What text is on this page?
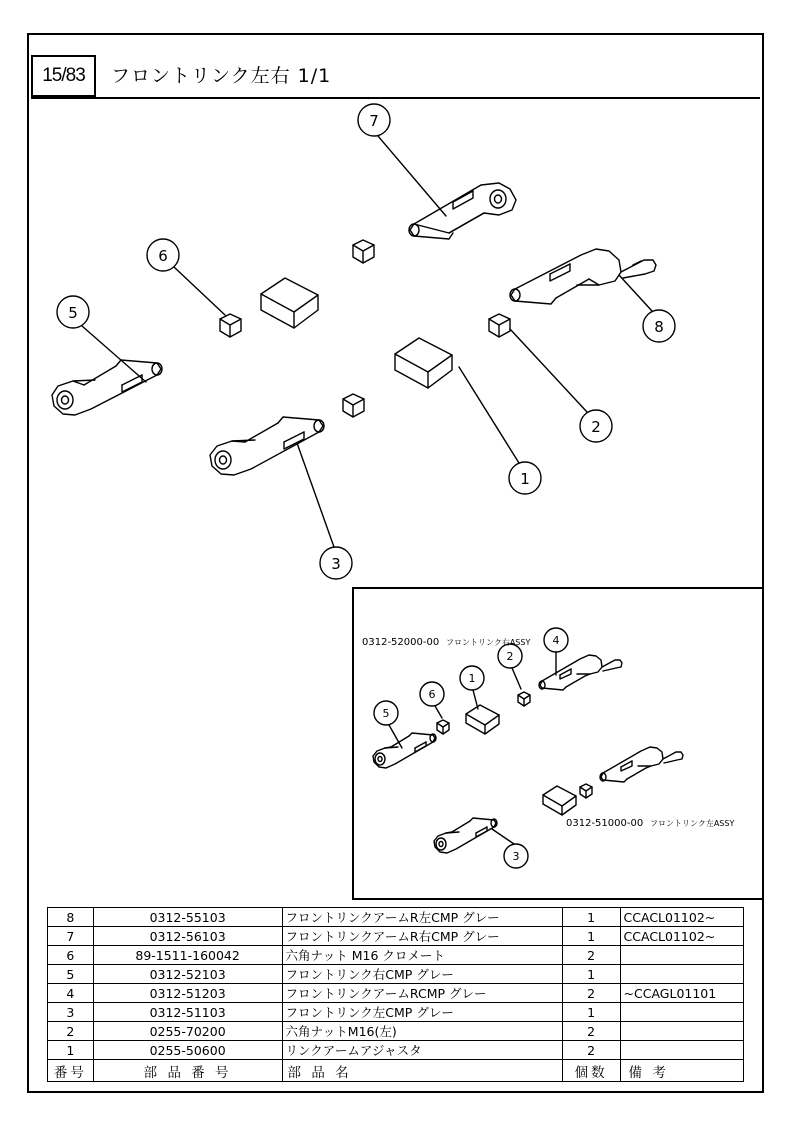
15/83 フロントリンク左右 1/1
7
6
5
8
2
1
3
4
2
1
6
5
3
0312-52000-00 フロントリンク右ASSY
0312-51000-00 フロントリンク左ASSY
8	0312-55103	フロントリンクアームR左CMP グレー	1	CCACL01102~
7	0312-56103	フロントリンクアームR右CMP グレー	1	CCACL01102~
6	89-1511-160042	六角ナット M16 クロメート	2	
5	0312-52103	フロントリンク右CMP グレー	1	
4	0312-51203	フロントリンクアームRCMP グレー	2	~CCAGL01101
3	0312-51103	フロントリンク左CMP グレー	1	
2	0255-70200	六角ナットM16(左)	2	
1	0255-50600	リンクアームアジャスタ	2	
番号	部 品 番 号	部 品 名	個数	備 考
